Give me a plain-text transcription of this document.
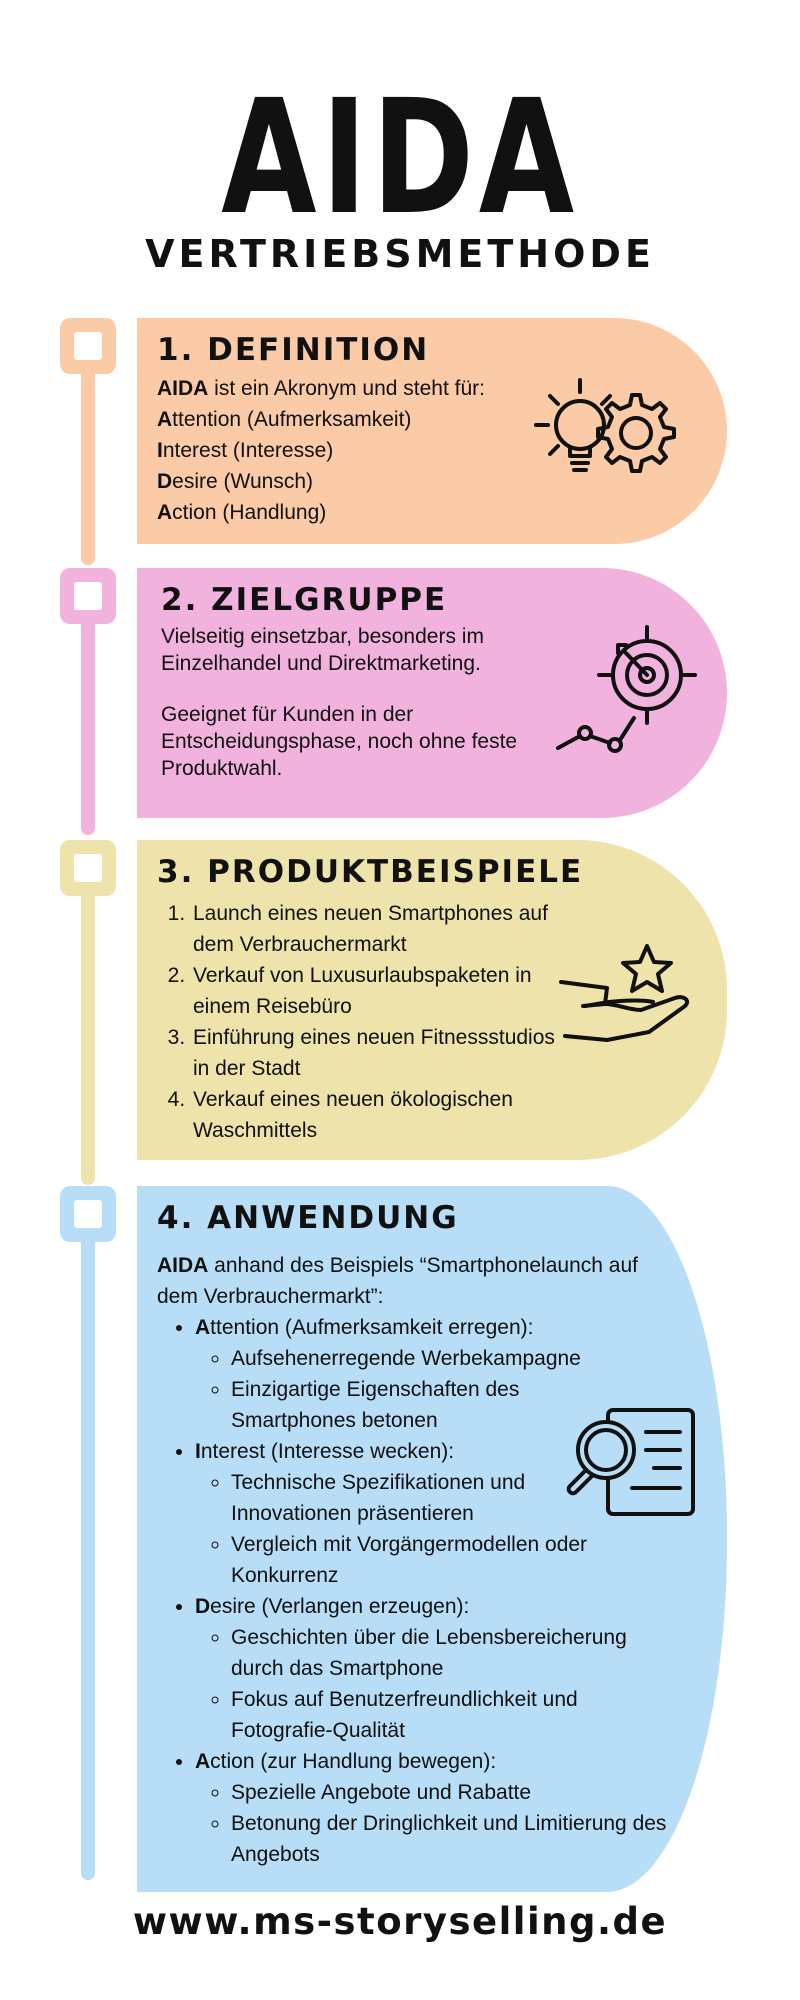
AIDA
VERTRIEBSMETHODE
1. DEFINITION

AIDA ist ein Akronym und steht für:

Attention (Aufmerksamkeit)

Interest (Interesse)

Desire (Wunsch)

Action (Handlung)

2. ZIELGRUPPE

Vielseitig einsetzbar, besonders im Einzelhandel und Direktmarketing.

Geeignet für Kunden in der Entscheidungsphase, noch ohne feste Produktwahl.

3. PRODUKTBEISPIELE
1. Launch eines neuen Smartphones auf dem Verbrauchermarkt
2. Verkauf von Luxusurlaubspaketen in einem Reisebüro
3. Einführung eines neuen Fitnessstudios in der Stadt
4. Verkauf eines neuen ökologischen Waschmittels
4. ANWENDUNG

AIDA anhand des Beispiels “Smartphonelaunch auf dem Verbrauchermarkt”:

• Attention (Aufmerksamkeit erregen):
◦ Aufsehenerregende Werbekampagne
◦ Einzigartige Eigenschaften des Smartphones betonen
• Interest (Interesse wecken):
◦ Technische Spezifikationen und Innovationen präsentieren
◦ Vergleich mit Vorgängermodellen oder Konkurrenz
• Desire (Verlangen erzeugen):
◦ Geschichten über die Lebensbereicherung durch das Smartphone
◦ Fokus auf Benutzerfreundlichkeit und Fotografie-Qualität
• Action (zur Handlung bewegen):
◦ Spezielle Angebote und Rabatte
◦ Betonung der Dringlichkeit und Limitierung des Angebots
www.ms-storyselling.de
